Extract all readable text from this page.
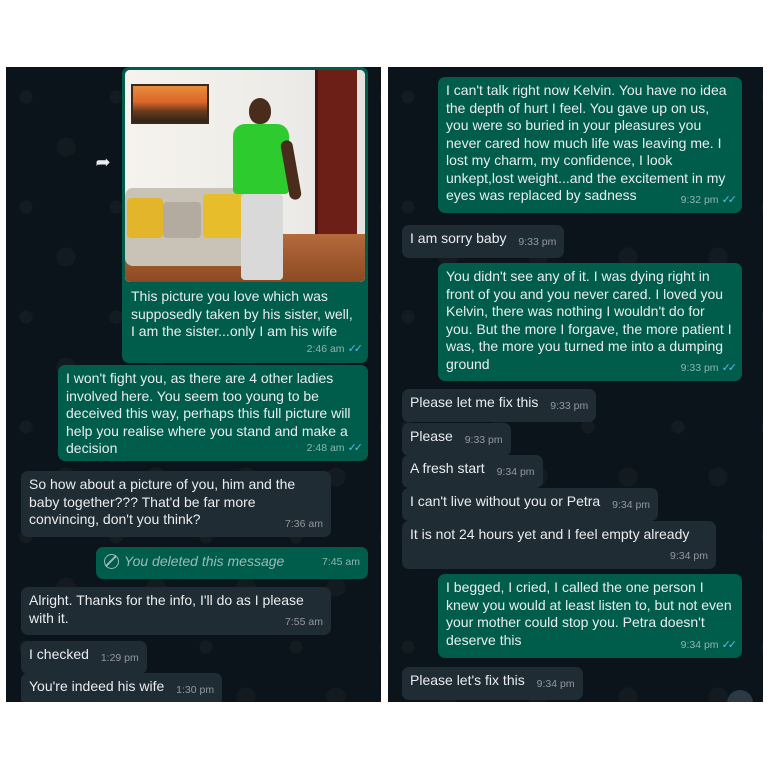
➦
This picture you love which was supposedly taken by his sister, well, I am the sister...only I am his wife
2:46 am ✓✓
I won't fight you, as there are 4 other ladies involved here. You seem too young to be deceived this way, perhaps this full picture will help you realise where you stand and make a decision	2:48 am ✓✓
So how about a picture of you, him and the baby together??? That'd be far more convincing, don't you think?	7:36 am
You deleted this message	7:45 am
Alright. Thanks for the info, I'll do as I please with it.	7:55 am
I checked 1:29 pm
You're indeed his wife 1:30 pm
I can't talk right now Kelvin. You have no idea the depth of hurt I feel. You gave up on us, you were so buried in your pleasures you never cared how much life was leaving me. I lost my charm, my confidence, I look unkept,lost weight...and the excitement in my eyes was replaced by sadness	9:32 pm ✓✓
I am sorry baby 9:33 pm
You didn't see any of it. I was dying right in front of you and you never cared. I loved you Kelvin, there was nothing I wouldn't do for you. But the more I forgave, the more patient I was, the more you turned me into a dumping ground	9:33 pm ✓✓
Please let me fix this 9:33 pm
Please 9:33 pm
A fresh start 9:34 pm
I can't live without you or Petra 9:34 pm
It is not 24 hours yet and I feel empty already
9:34 pm
I begged, I cried, I called the one person I knew you would at least listen to, but not even your mother could stop you. Petra doesn't deserve this	9:34 pm ✓✓
Please let's fix this 9:34 pm
